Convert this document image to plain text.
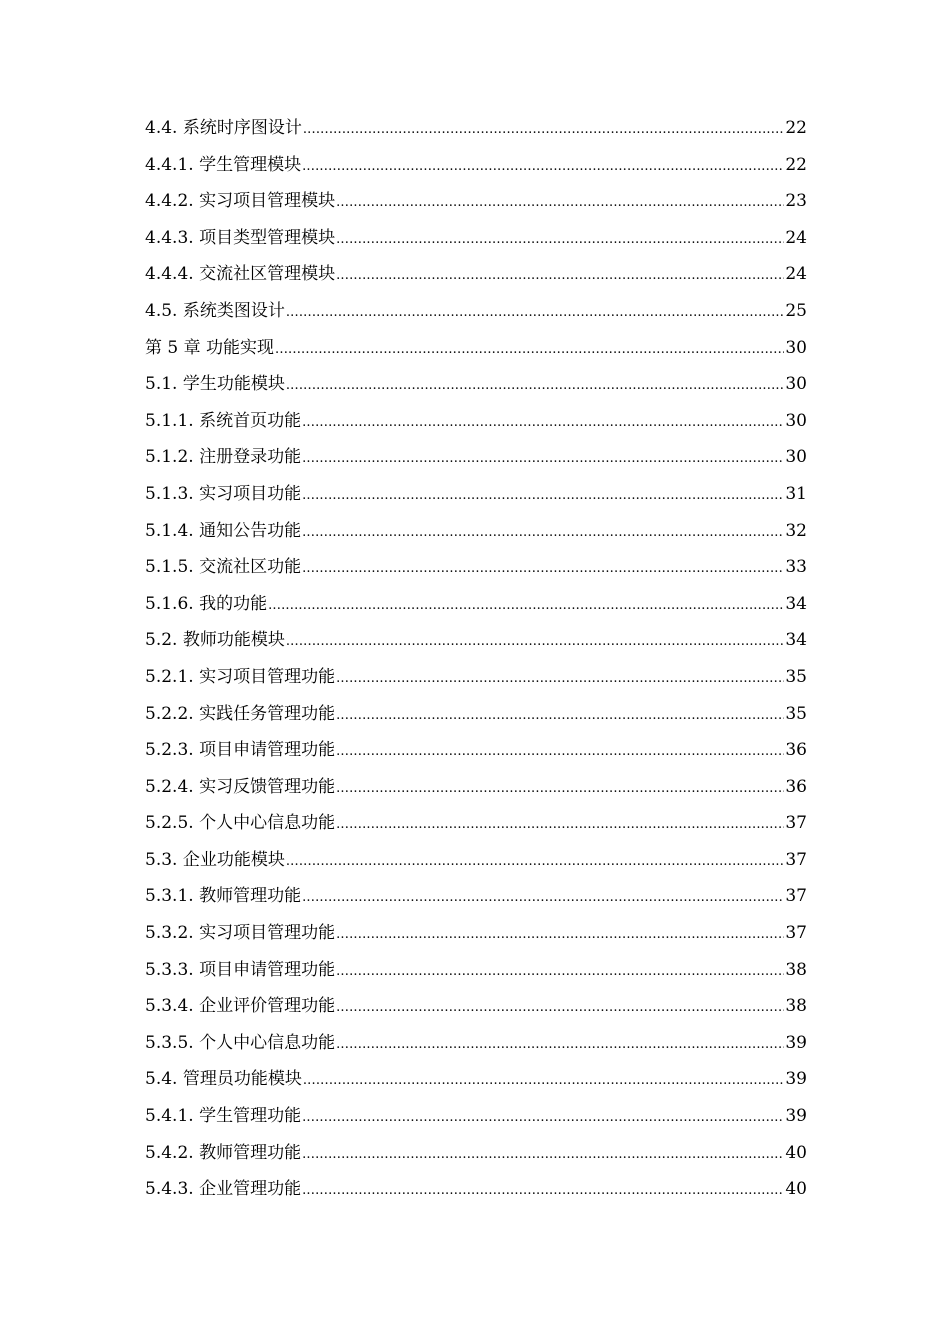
4.4. 系统时序图设计 .....	22
4.4.1. 学生管理模块 .....	22
4.4.2. 实习项目管理模块 .....	23
4.4.3. 项目类型管理模块 .....	24
4.4.4. 交流社区管理模块 .....	24
4.5. 系统类图设计 .....	25
第 5 章 功能实现 .....	30
5.1. 学生功能模块 .....	30
5.1.1. 系统首页功能 .....	30
5.1.2. 注册登录功能 .....	30
5.1.3. 实习项目功能 .....	31
5.1.4. 通知公告功能 .....	32
5.1.5. 交流社区功能 .....	33
5.1.6. 我的功能 .....	34
5.2. 教师功能模块 .....	34
5.2.1. 实习项目管理功能 .....	35
5.2.2. 实践任务管理功能 .....	35
5.2.3. 项目申请管理功能 .....	36
5.2.4. 实习反馈管理功能 .....	36
5.2.5. 个人中心信息功能 .....	37
5.3. 企业功能模块 .....	37
5.3.1. 教师管理功能 .....	37
5.3.2. 实习项目管理功能 .....	37
5.3.3. 项目申请管理功能 .....	38
5.3.4. 企业评价管理功能 .....	38
5.3.5. 个人中心信息功能 .....	39
5.4. 管理员功能模块 .....	39
5.4.1. 学生管理功能 .....	39
5.4.2. 教师管理功能 .....	40
5.4.3. 企业管理功能 .....	40
